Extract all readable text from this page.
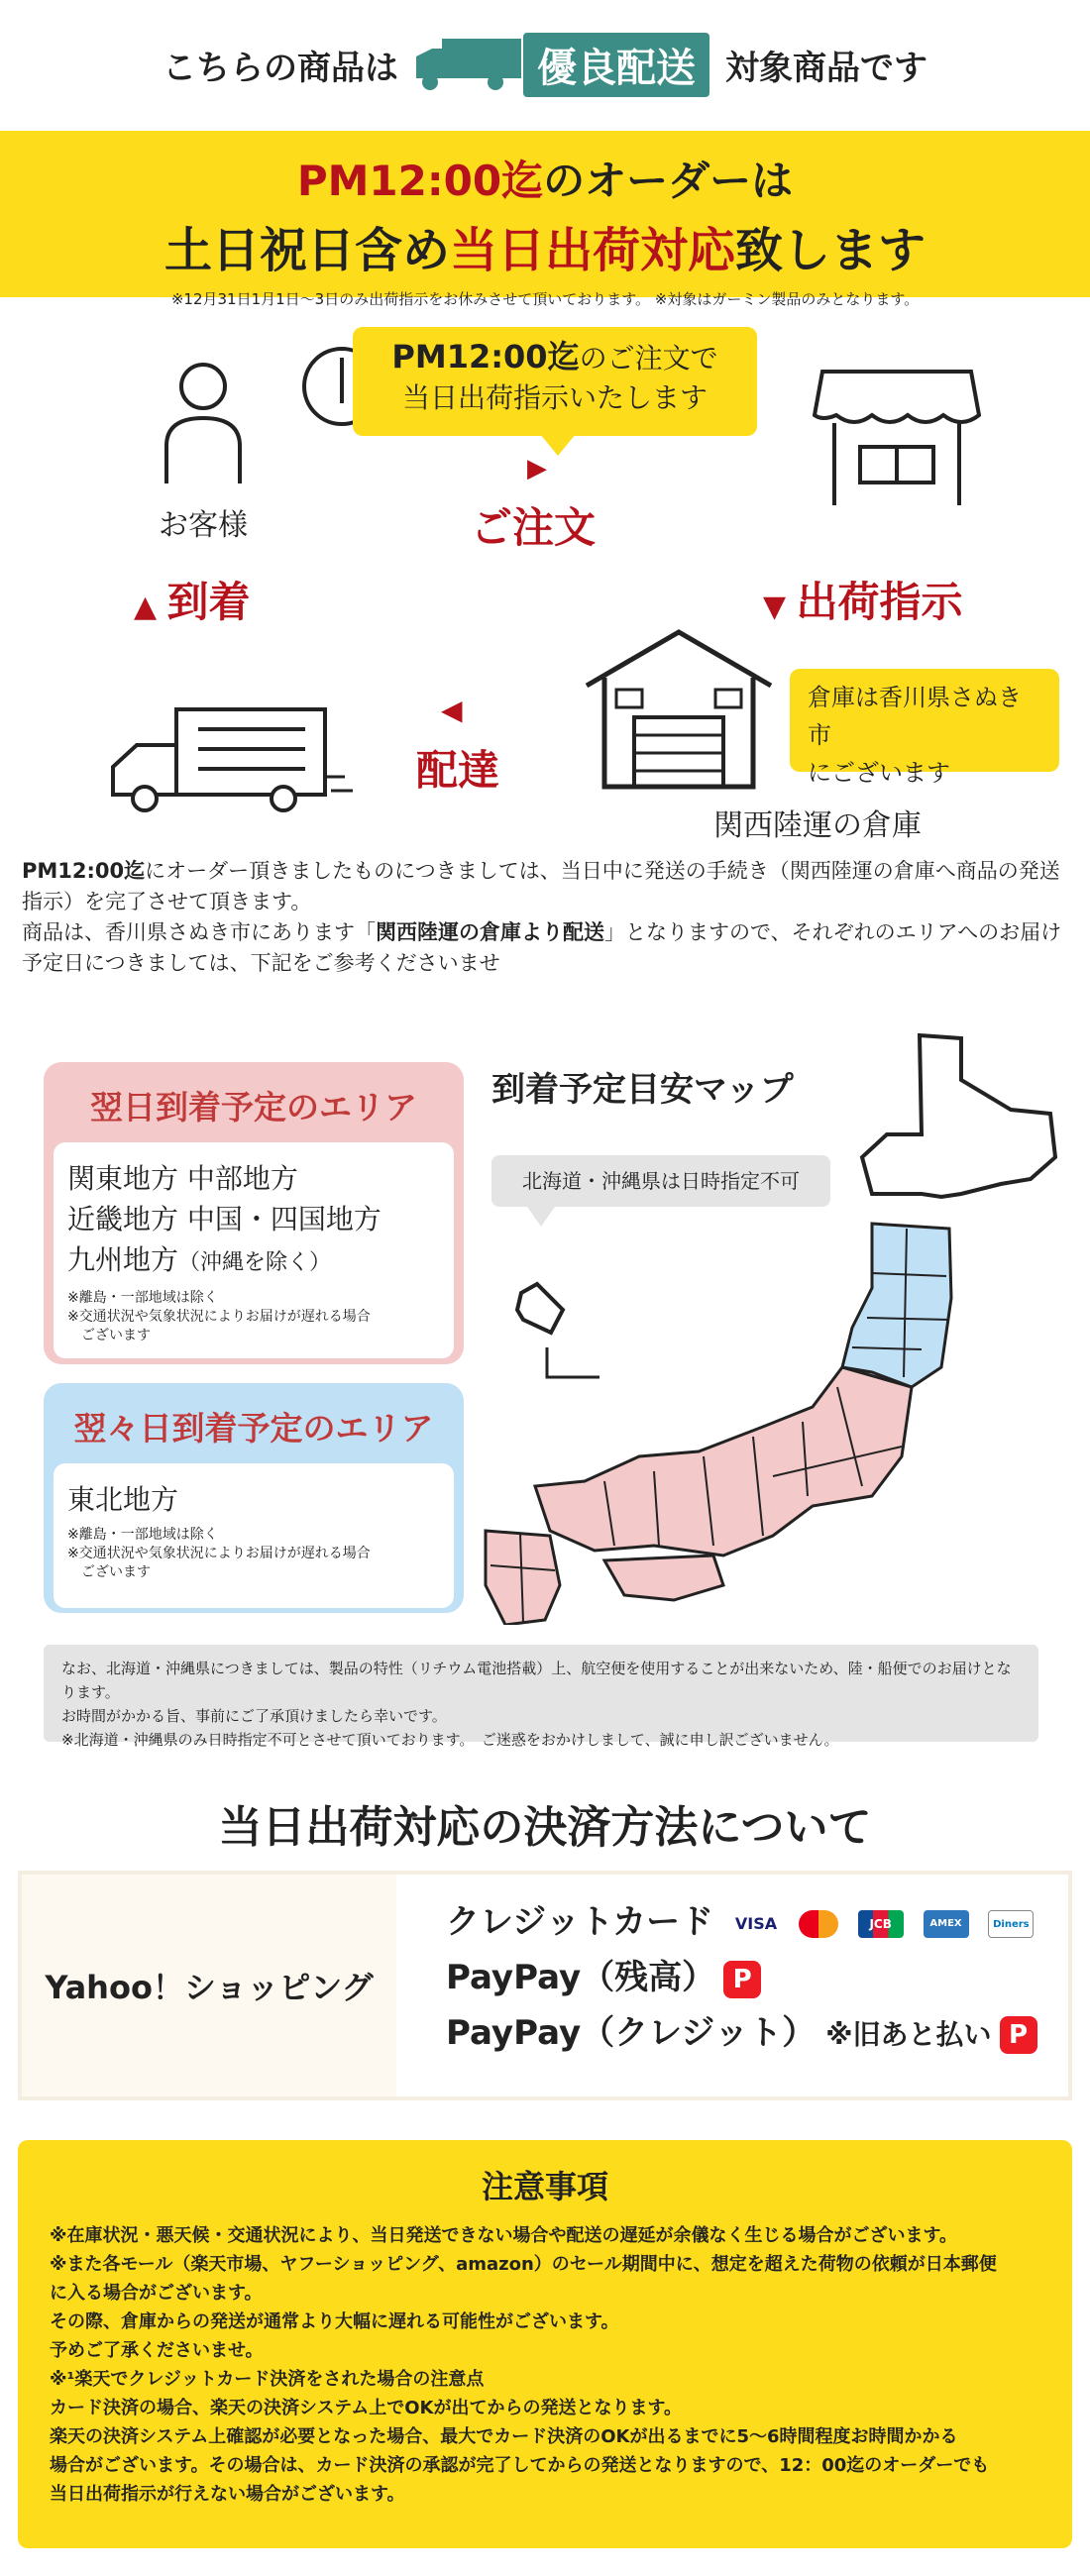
こちらの商品は	優良配送 対象商品です
PM12:00迄のオーダーは
土日祝日含め当日出荷対応致します
※12月31日1月1日〜3日のみ出荷指示をお休みさせて頂いております。 ※対象はガーミン製品のみとなります。
PM12:00迄のご注文で
当日出荷指示いたします
お客様
▶
ご注文
▲ 到着	▼ 出荷指示
◀
配達
倉庫は香川県さぬき市
にございます
関西陸運の倉庫
PM12:00迄にオーダー頂きましたものにつきましては、当日中に発送の手続き（関西陸運の倉庫へ商品の発送指示）を完了させて頂きます。
商品は、香川県さぬき市にあります「関西陸運の倉庫より配送」となりますので、それぞれのエリアへのお届け予定日につきましては、下記をご参考くださいませ
翌日到着予定のエリア
関東地方 中部地方
近畿地方 中国・四国地方
九州地方（沖縄を除く）
※離島・一部地域は除く
※交通状況や気象状況によりお届けが遅れる場合
　ございます
翌々日到着予定のエリア
東北地方
※離島・一部地域は除く
※交通状況や気象状況によりお届けが遅れる場合
　ございます
到着予定目安マップ
北海道・沖縄県は日時指定不可
なお、北海道・沖縄県につきましては、製品の特性（リチウム電池搭載）上、航空便を使用することが出来ないため、陸・船便でのお届けとなります。
お時間がかかる旨、事前にご了承頂けましたら幸いです。
※北海道・沖縄県のみ日時指定不可とさせて頂いております。　ご迷惑をおかけしまして、誠に申し訳ございません。
当日出荷対応の決済方法について
Yahoo！ショッピング
クレジットカード VISA	JCB	AMEX	Diners
PayPay（残高） P
PayPay（クレジット） ※旧あと払い P
注意事項
※在庫状況・悪天候・交通状況により、当日発送できない場合や配送の遅延が余儀なく生じる場合がございます。
※また各モール（楽天市場、ヤフーショッピング、amazon）のセール期間中に、想定を超えた荷物の依頼が日本郵便
に入る場合がございます。
その際、倉庫からの発送が通常より大幅に遅れる可能性がございます。
予めご了承くださいませ。
※¹楽天でクレジットカード決済をされた場合の注意点
カード決済の場合、楽天の決済システム上でOKが出てからの発送となります。
楽天の決済システム上確認が必要となった場合、最大でカード決済のOKが出るまでに5〜6時間程度お時間かかる
場合がございます。その場合は、カード決済の承認が完了してからの発送となりますので、12：00迄のオーダーでも
当日出荷指示が行えない場合がございます。
